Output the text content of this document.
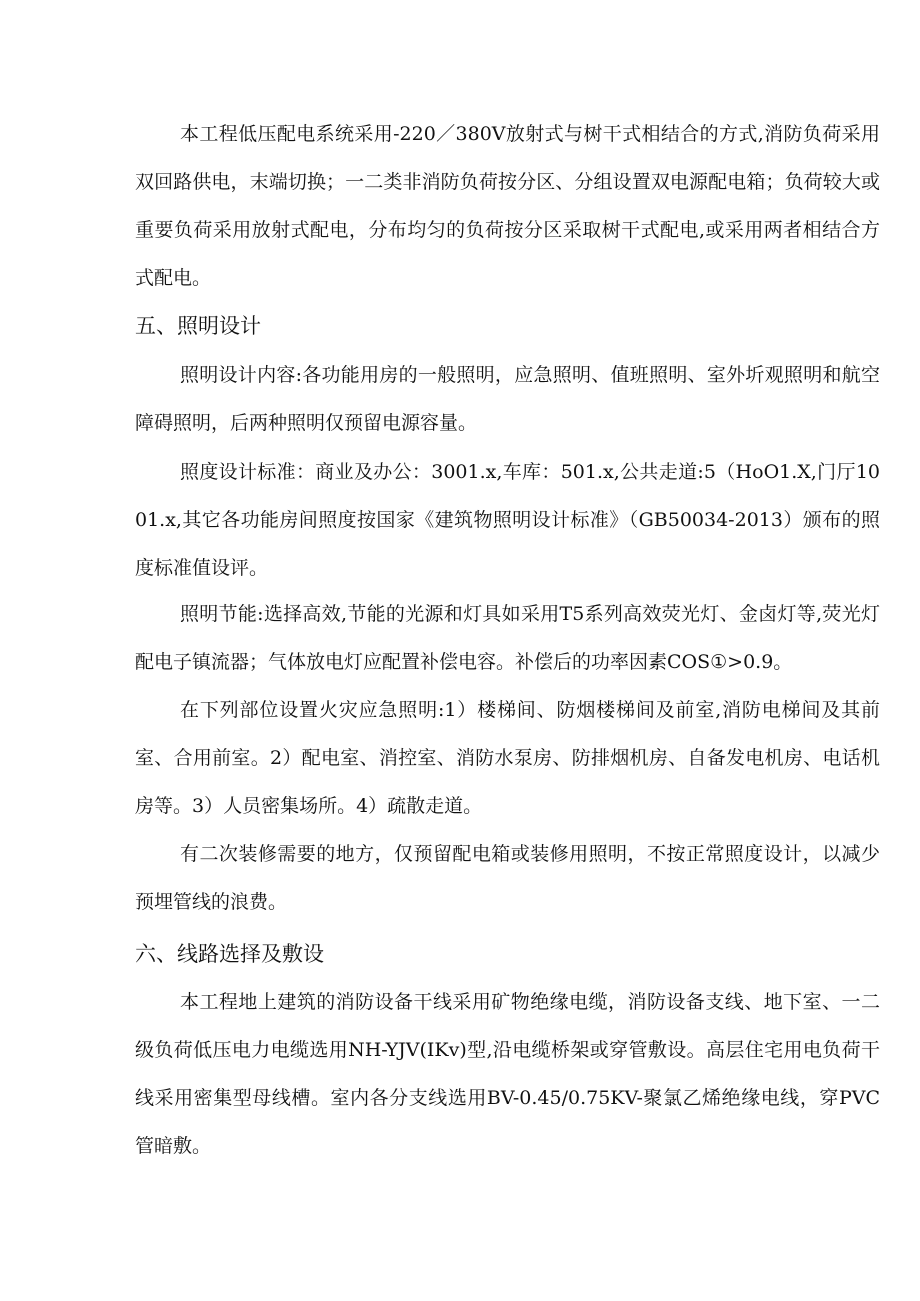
本工程低压配电系统采用-220／380V放射式与树干式相结合的方式,消防负荷采用双回路供电，末端切换；一二类非消防负荷按分区、分组设置双电源配电箱；负荷较大或重要负荷采用放射式配电，分布均匀的负荷按分区采取树干式配电,或采用两者相结合方式配电。

五、照明设计

照明设计内容:各功能用房的一般照明，应急照明、值班照明、室外圻观照明和航空障碍照明，后两种照明仅预留电源容量。

照度设计标准：商业及办公：3001.x,车库：501.x,公共走道:5（HoO1.X,门厅1001.x,其它各功能房间照度按国家《建筑物照明设计标准》（GB50034-2013）颁布的照度标准值设评。

照明节能:选择高效,节能的光源和灯具如采用T5系列高效荧光灯、金卤灯等,荧光灯配电子镇流器；气体放电灯应配置补偿电容。补偿后的功率因素COS①>0.9。

在下列部位设置火灾应急照明:1）楼梯间、防烟楼梯间及前室,消防电梯间及其前室、合用前室。2）配电室、消控室、消防水泵房、防排烟机房、自备发电机房、电话机房等。3）人员密集场所。4）疏散走道。

有二次装修需要的地方，仅预留配电箱或装修用照明，不按正常照度设计，以减少预埋管线的浪费。

六、线路选择及敷设

本工程地上建筑的消防设备干线采用矿物绝缘电缆，消防设备支线、地下室、一二级负荷低压电力电缆选用NH-YJV(IKv)型,沿电缆桥架或穿管敷设。高层住宅用电负荷干线采用密集型母线槽。室内各分支线选用BV-0.45/0.75KV-聚氯乙烯绝缘电线，穿PVC管暗敷。
